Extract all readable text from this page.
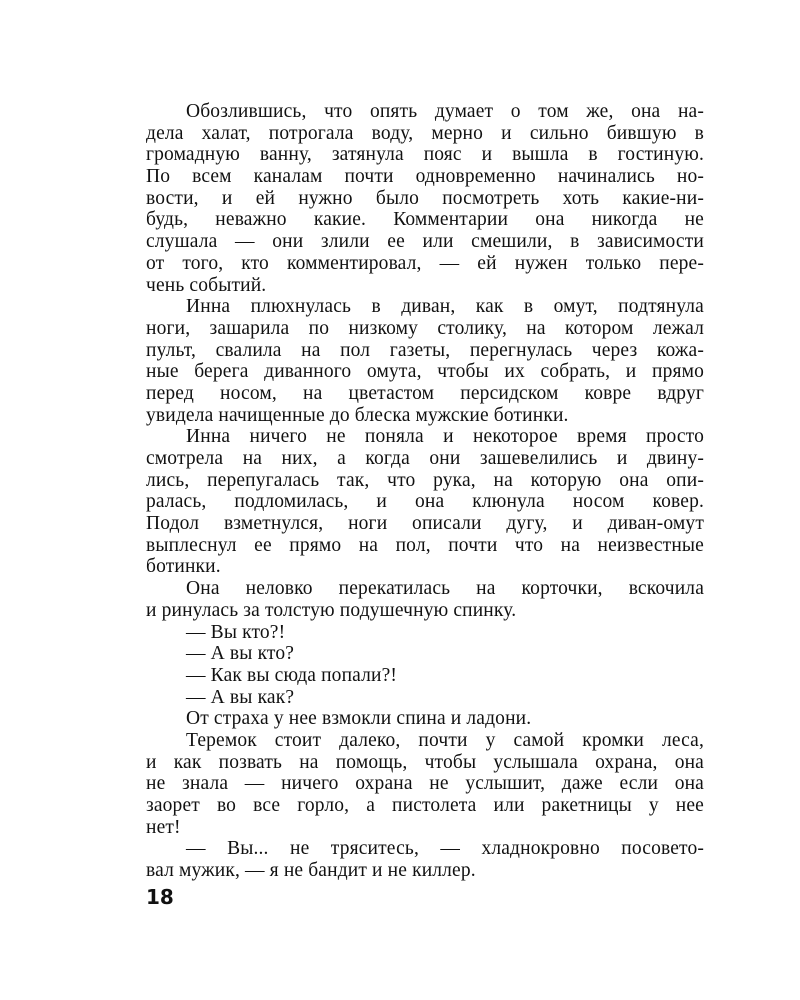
Обозлившись, что опять думает о том же, она на-
дела халат, потрогала воду, мерно и сильно бившую в
громадную ванну, затянула пояс и вышла в гостиную.
По всем каналам почти одновременно начинались но-
вости, и ей нужно было посмотреть хоть какие-ни-
будь, неважно какие. Комментарии она никогда не
слушала — они злили ее или смешили, в зависимости
от того, кто комментировал, — ей нужен только пере-
чень событий.
Инна плюхнулась в диван, как в омут, подтянула
ноги, зашарила по низкому столику, на котором лежал
пульт, свалила на пол газеты, перегнулась через кожа-
ные берега диванного омута, чтобы их собрать, и прямо
перед носом, на цветастом персидском ковре вдруг
увидела начищенные до блеска мужские ботинки.
Инна ничего не поняла и некоторое время просто
смотрела на них, а когда они зашевелились и двину-
лись, перепугалась так, что рука, на которую она опи-
ралась, подломилась, и она клюнула носом ковер.
Подол взметнулся, ноги описали дугу, и диван-омут
выплеснул ее прямо на пол, почти что на неизвестные
ботинки.
Она неловко перекатилась на корточки, вскочила
и ринулась за толстую подушечную спинку.
— Вы кто?!
— А вы кто?
— Как вы сюда попали?!
— А вы как?
От страха у нее взмокли спина и ладони.
Теремок стоит далеко, почти у самой кромки леса,
и как позвать на помощь, чтобы услышала охрана, она
не знала — ничего охрана не услышит, даже если она
заорет во все горло, а пистолета или ракетницы у нее
нет!
— Вы... не тряситесь, — хладнокровно посовето-
вал мужик, — я не бандит и не киллер.
18
